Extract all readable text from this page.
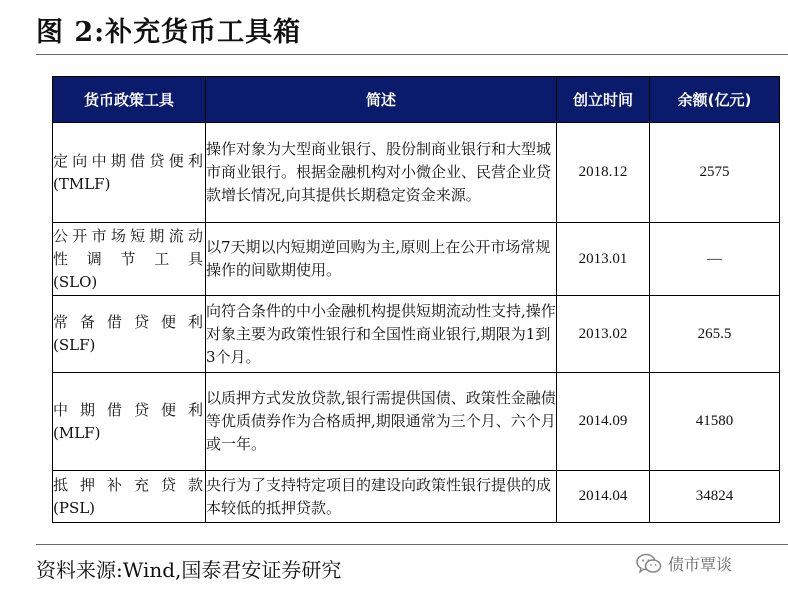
图 2:补充货币工具箱
货币政策工具	简述	创立时间	余额(亿元)

定向中期借贷便利
(TMLF)	操作对象为大型商业银行、股份制商业银行和大型城市商业银行。根据金融机构对小微企业、民营企业贷款增长情况,向其提供长期稳定资金来源。	2018.12	2575

公开市场短期流动性调节工具
(SLO)	以7天期以内短期逆回购为主,原则上在公开市场常规操作的间歇期使用。	2013.01	—

常备借贷便利
(SLF)	向符合条件的中小金融机构提供短期流动性支持,操作对象主要为政策性银行和全国性商业银行,期限为1到3个月。	2013.02	265.5

中期借贷便利
(MLF)	以质押方式发放贷款,银行需提供国债、政策性金融债等优质债券作为合格质押,期限通常为三个月、六个月或一年。	2014.09	41580

抵押补充贷款
(PSL)	央行为了支持特定项目的建设向政策性银行提供的成本较低的抵押贷款。	2014.04	34824
资料来源:Wind,国泰君安证券研究	债市覃谈
